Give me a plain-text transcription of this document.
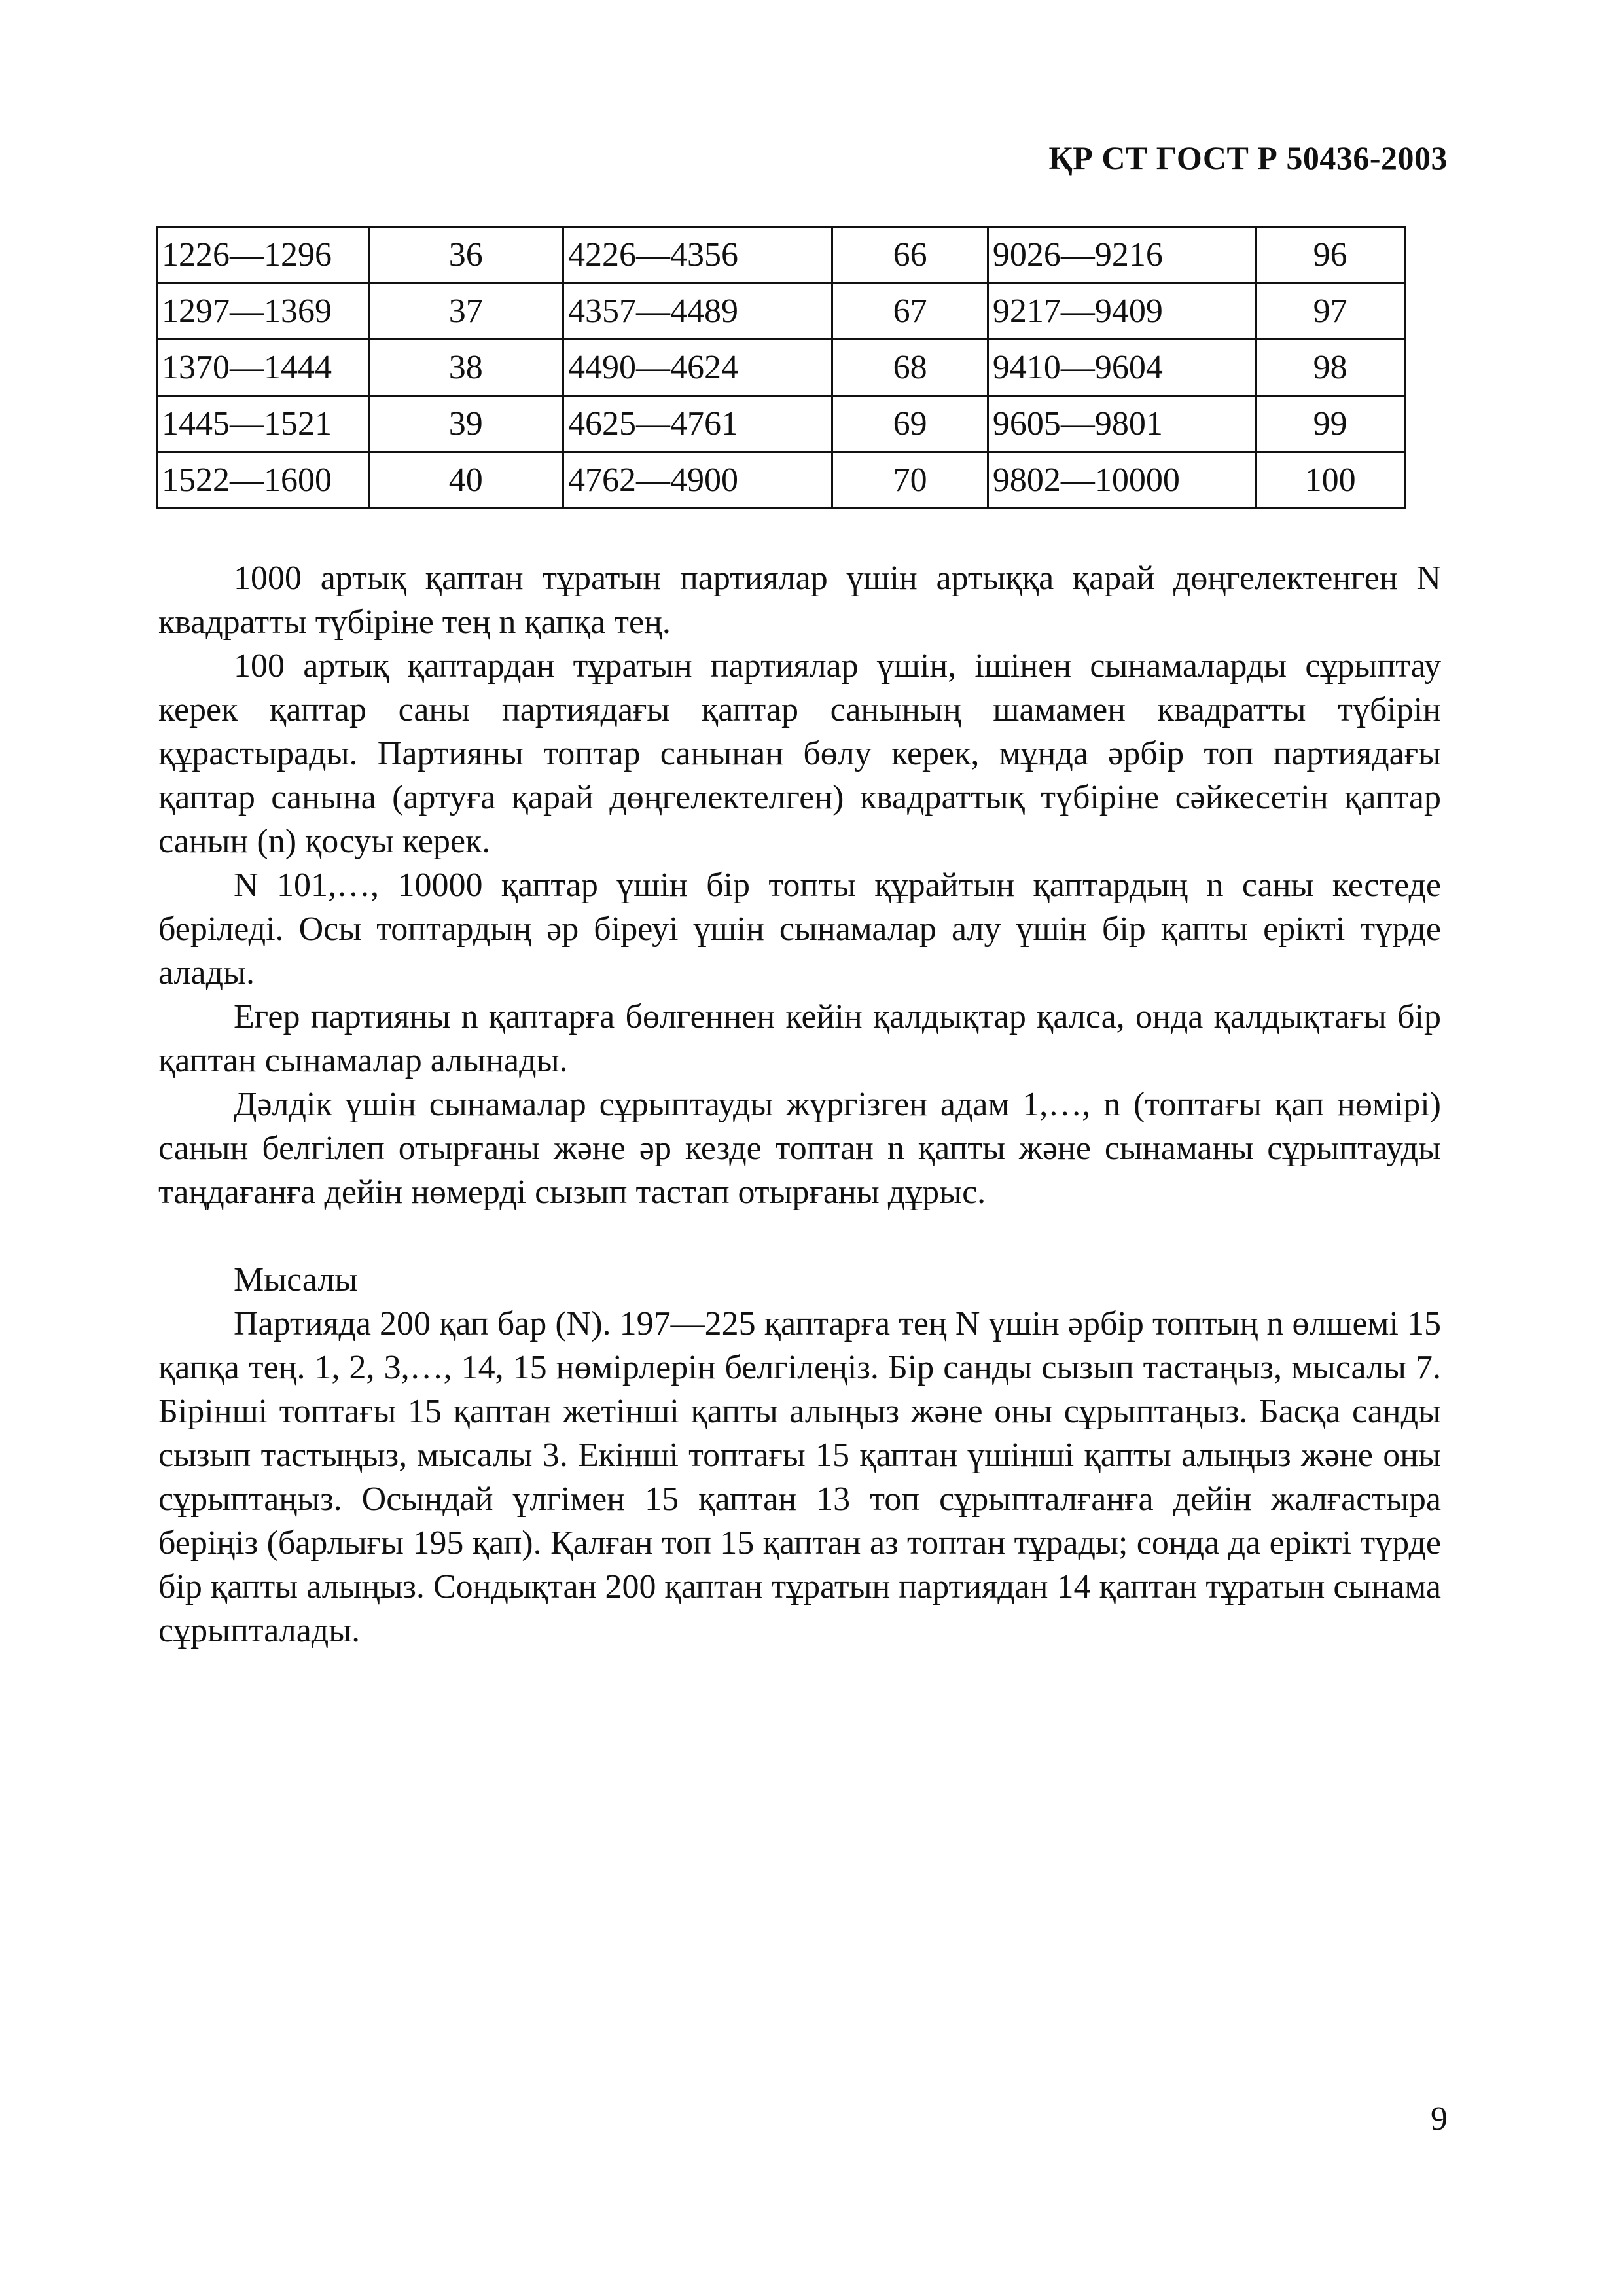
ҚР СТ ГОСТ Р 50436-2003
1226—1296	36	4226—4356	66	9026—9216	96
1297—1369	37	4357—4489	67	9217—9409	97
1370—1444	38	4490—4624	68	9410—9604	98
1445—1521	39	4625—4761	69	9605—9801	99
1522—1600	40	4762—4900	70	9802—10000	100

1000 артық қаптан тұратын партиялар үшін артыққа қарай дөңгелектенген N квадратты түбіріне тең n қапқа тең.

100 артық қаптардан тұратын партиялар үшін, ішінен сынамаларды сұрыптау керек қаптар саны партиядағы қаптар санының шамамен квадратты түбірін құрастырады. Партияны топтар санынан бөлу керек, мұнда әрбір топ партиядағы қаптар санына (артуға қарай дөңгелектелген) квадраттық түбіріне сәйкесетін қаптар санын (n) қосуы керек.

N 101,…, 10000 қаптар үшін бір топты құрайтын қаптардың n саны кестеде беріледі. Осы топтардың әр біреуі үшін сынамалар алу үшін бір қапты ерікті түрде алады.

Егер партияны n қаптарға бөлгеннен кейін қалдықтар қалса, онда қалдықтағы бір қаптан сынамалар алынады.

Дәлдік үшін сынамалар сұрыптауды жүргізген адам 1,…, n (топтағы қап нөмірі) санын белгілеп отырғаны және әр кезде топтан n қапты және сынаманы сұрыптауды таңдағанға дейін нөмерді сызып тастап отырғаны дұрыс.

Мысалы

Партияда 200 қап бар (N). 197—225 қаптарға тең N үшін әрбір топтың n өлшемі 15 қапқа тең. 1, 2, 3,…, 14, 15 нөмірлерін белгілеңіз. Бір санды сызып тастаңыз, мысалы 7. Бірінші топтағы 15 қаптан жетінші қапты алыңыз және оны сұрыптаңыз. Басқа санды сызып тастыңыз, мысалы 3. Екінші топтағы 15 қаптан үшінші қапты алыңыз және оны сұрыптаңыз. Осындай үлгімен 15 қаптан 13 топ сұрыпталғанға дейін жалғастыра беріңіз (барлығы 195 қап). Қалған топ 15 қаптан аз топтан тұрады; сонда да ерікті түрде бір қапты алыңыз. Сондықтан 200 қаптан тұратын партиядан 14 қаптан тұратын сынама сұрыпталады.

9
